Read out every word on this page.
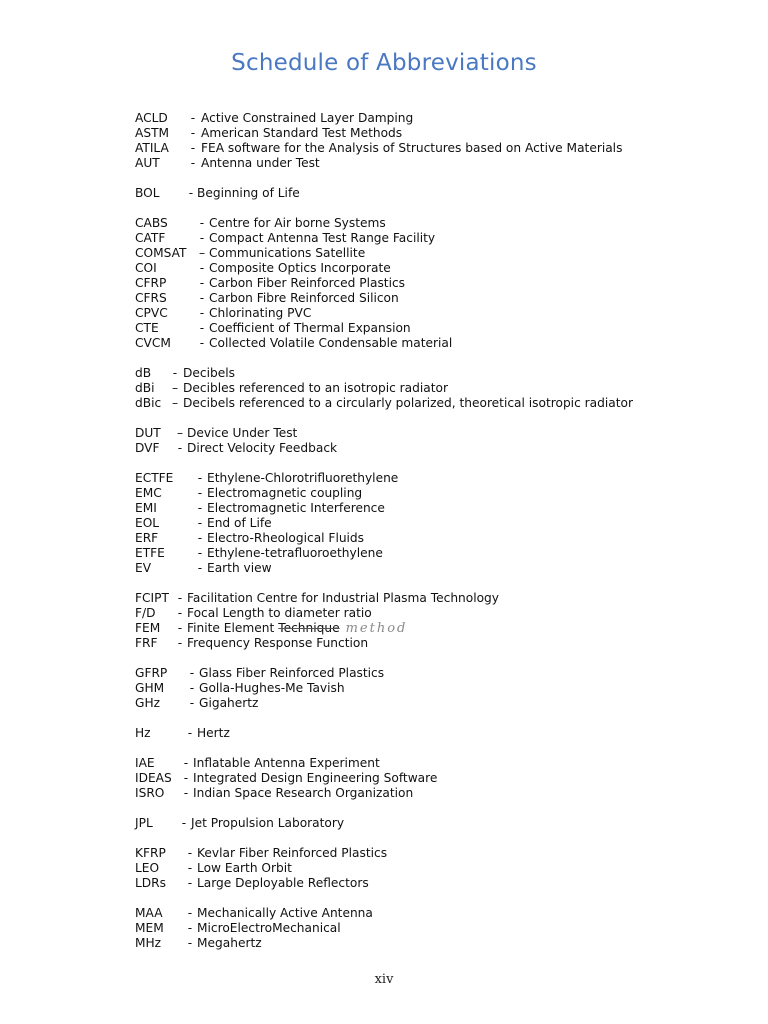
Schedule of Abbreviations
ACLD	- Active Constrained Layer Damping
ASTM	- American Standard Test Methods
ATILA	- FEA software for the Analysis of Structures based on Active Materials
AUT	- Antenna under Test
BOL	- Beginning of Life
CABS	- Centre for Air borne Systems
CATF	- Compact Antenna Test Range Facility
COMSAT	– Communications Satellite
COI	- Composite Optics Incorporate
CFRP	- Carbon Fiber Reinforced Plastics
CFRS	- Carbon Fibre Reinforced Silicon
CPVC	- Chlorinating PVC
CTE	- Coefficient of Thermal Expansion
CVCM	- Collected Volatile Condensable material
dB	- Decibels
dBi	– Decibles referenced to an isotropic radiator
dBic – Decibels referenced to a circularly polarized, theoretical isotropic radiator
DUT	– Device Under Test
DVF	- Direct Velocity Feedback
ECTFE	- Ethylene-Chlorotrifluorethylene
EMC	- Electromagnetic coupling
EMI	- Electromagnetic Interference
EOL	- End of Life
ERF	- Electro-Rheological Fluids
ETFE	- Ethylene-tetrafluoroethylene
EV	- Earth view
FCIPT - Facilitation Centre for Industrial Plasma Technology
F/D	- Focal Length to diameter ratio
FEM	- Finite Element Technique method
FRF	- Frequency Response Function
GFRP	- Glass Fiber Reinforced Plastics
GHM	- Golla-Hughes-Me Tavish
GHz	- Gigahertz
Hz	- Hertz
IAE	- Inflatable Antenna Experiment
IDEAS - Integrated Design Engineering Software
ISRO	- Indian Space Research Organization
JPL	- Jet Propulsion Laboratory
KFRP	- Kevlar Fiber Reinforced Plastics
LEO	- Low Earth Orbit
LDRs	- Large Deployable Reflectors
MAA	- Mechanically Active Antenna
MEM	- MicroElectroMechanical
MHz	- Megahertz
xiv
